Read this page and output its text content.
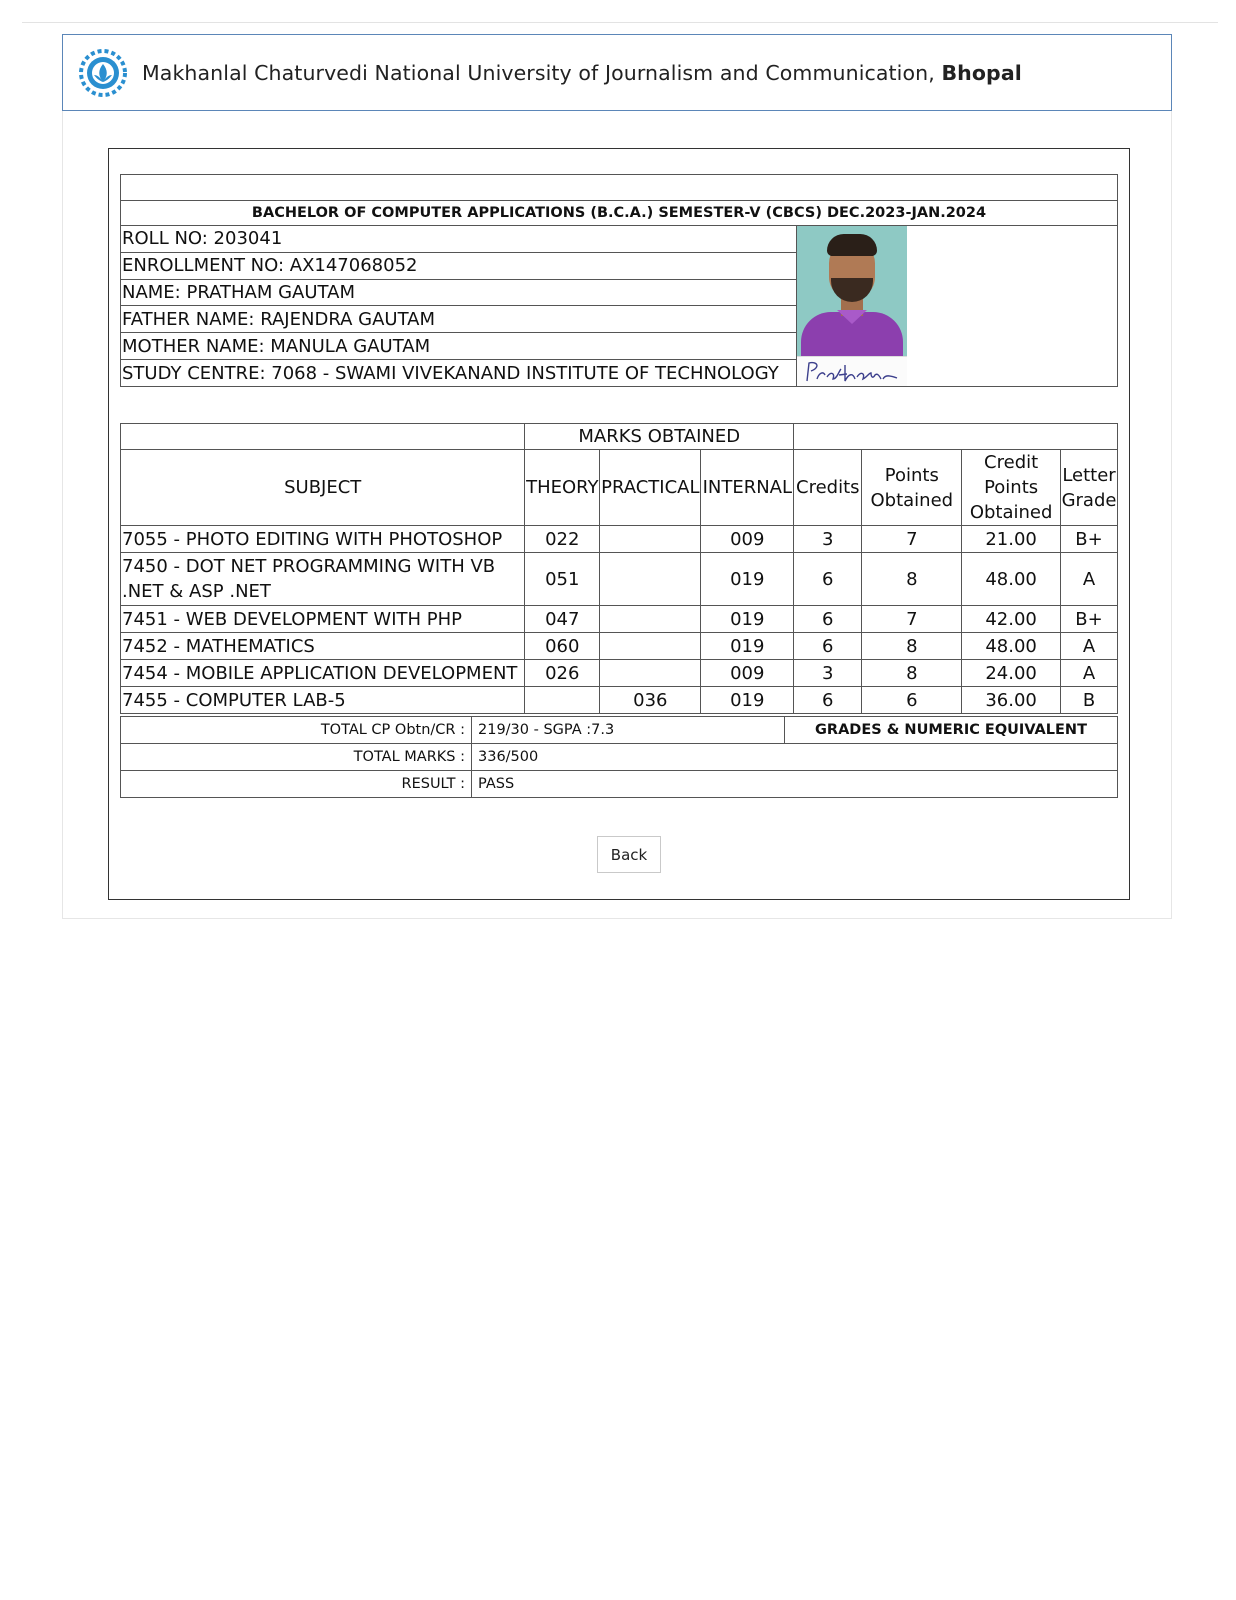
Makhanlal Chaturvedi National University of Journalism and Communication, Bhopal

BACHELOR OF COMPUTER APPLICATIONS (B.C.A.) SEMESTER-V (CBCS) DEC.2023-JAN.2024
ROLL NO: 203041	

ENROLLMENT NO: AX147068052
NAME: PRATHAM GAUTAM
FATHER NAME: RAJENDRA GAUTAM
MOTHER NAME: MANULA GAUTAM
STUDY CENTRE: 7068 - SWAMI VIVEKANAND INSTITUTE OF TECHNOLOGY
	MARKS OBTAINED						
SUBJECT	THEORY	PRACTICAL	INTERNAL	Credits	Points Obtained	Credit Points Obtained	Letter Grade
7055 - PHOTO EDITING WITH PHOTOSHOP	022		009	3	7	21.00	B+
7450 - DOT NET PROGRAMMING WITH VB .NET & ASP .NET	051		019	6	8	48.00	A
7451 - WEB DEVELOPMENT WITH PHP	047		019	6	7	42.00	B+
7452 - MATHEMATICS	060		019	6	8	48.00	A
7454 - MOBILE APPLICATION DEVELOPMENT	026		009	3	8	24.00	A
7455 - COMPUTER LAB-5		036	019	6	6	36.00	B
TOTAL CP Obtn/CR :	219/30 - SGPA :7.3	GRADES & NUMERIC EQUIVALENT
TOTAL MARKS :	336/500	
RESULT :	PASS	
Back
